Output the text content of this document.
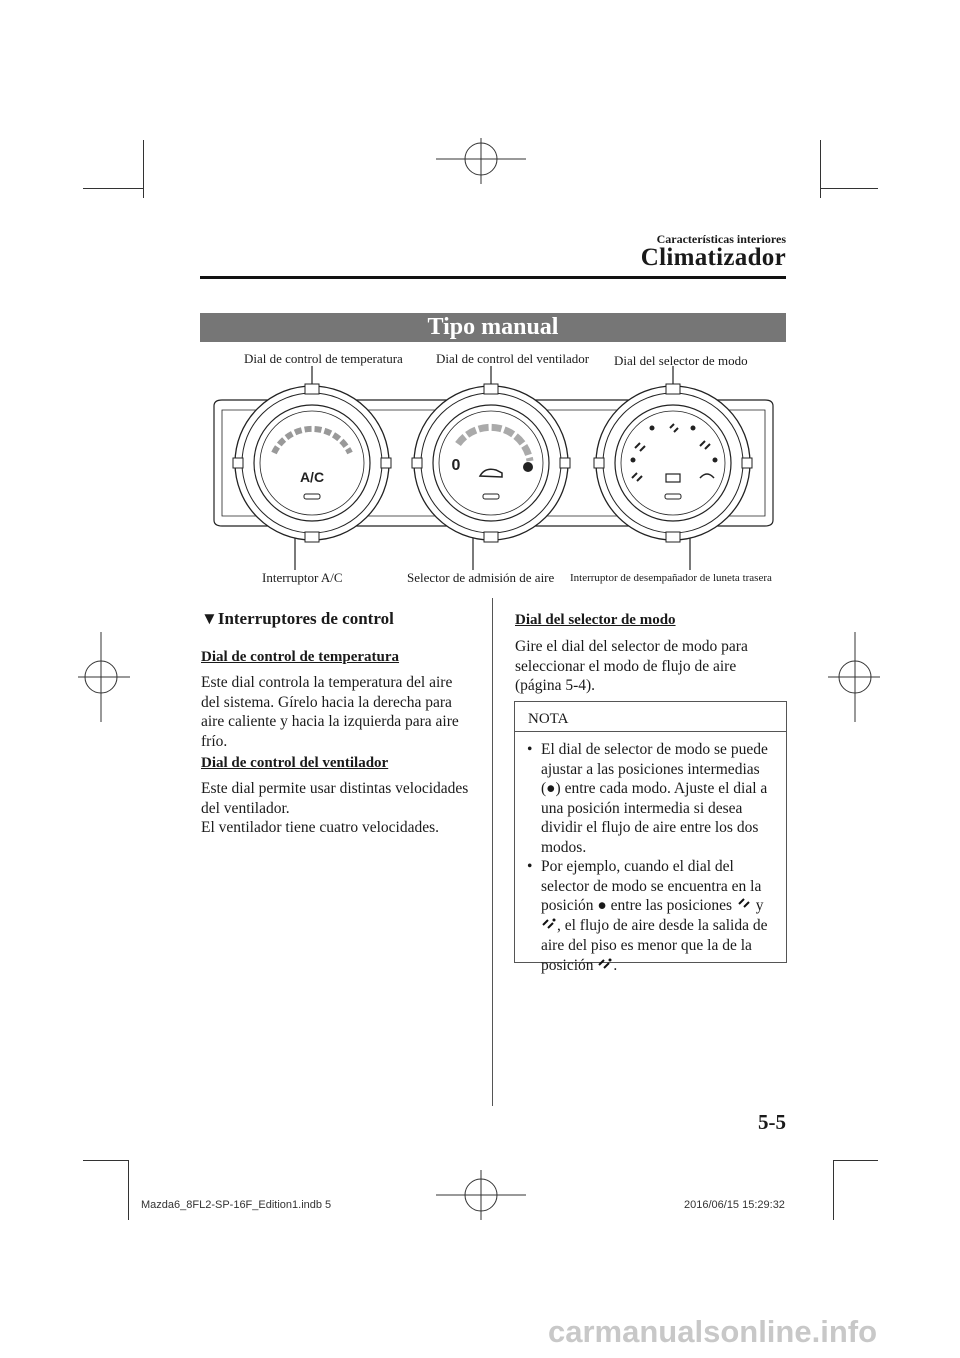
Características interiores
Climatizador
Tipo manual
Dial de control de temperatura	Dial de control del ventilador Dial del selector de modo
Interruptor A/C	Selector de admisión de aire Interruptor de desempañador de luneta trasera
A/C
0
▼Interruptores de control
Dial de control de temperatura
Este dial controla la temperatura del aire
del sistema. Gírelo hacia la derecha para
aire caliente y hacia la izquierda para aire
frío.
Dial de control del ventilador
Este dial permite usar distintas velocidades
del ventilador.
El ventilador tiene cuatro velocidades.
Dial del selector de modo
Gire el dial del selector de modo para
seleccionar el modo de flujo de aire
(página 5-4).
NOTA
• El dial de selector de modo se puede
ajustar a las posiciones intermedias
(●) entre cada modo. Ajuste el dial a
una posición intermedia si desea
dividir el flujo de aire entre los dos
modos.
• Por ejemplo, cuando el dial del
selector de modo se encuentra en la
posición ● entre las posiciones  y
, el flujo de aire desde la salida de
aire del piso es menor que la de la
posición .
5-5
Mazda6_8FL2-SP-16F_Edition1.indb 5	2016/06/15 15:29:32
carmanualsonline.info
